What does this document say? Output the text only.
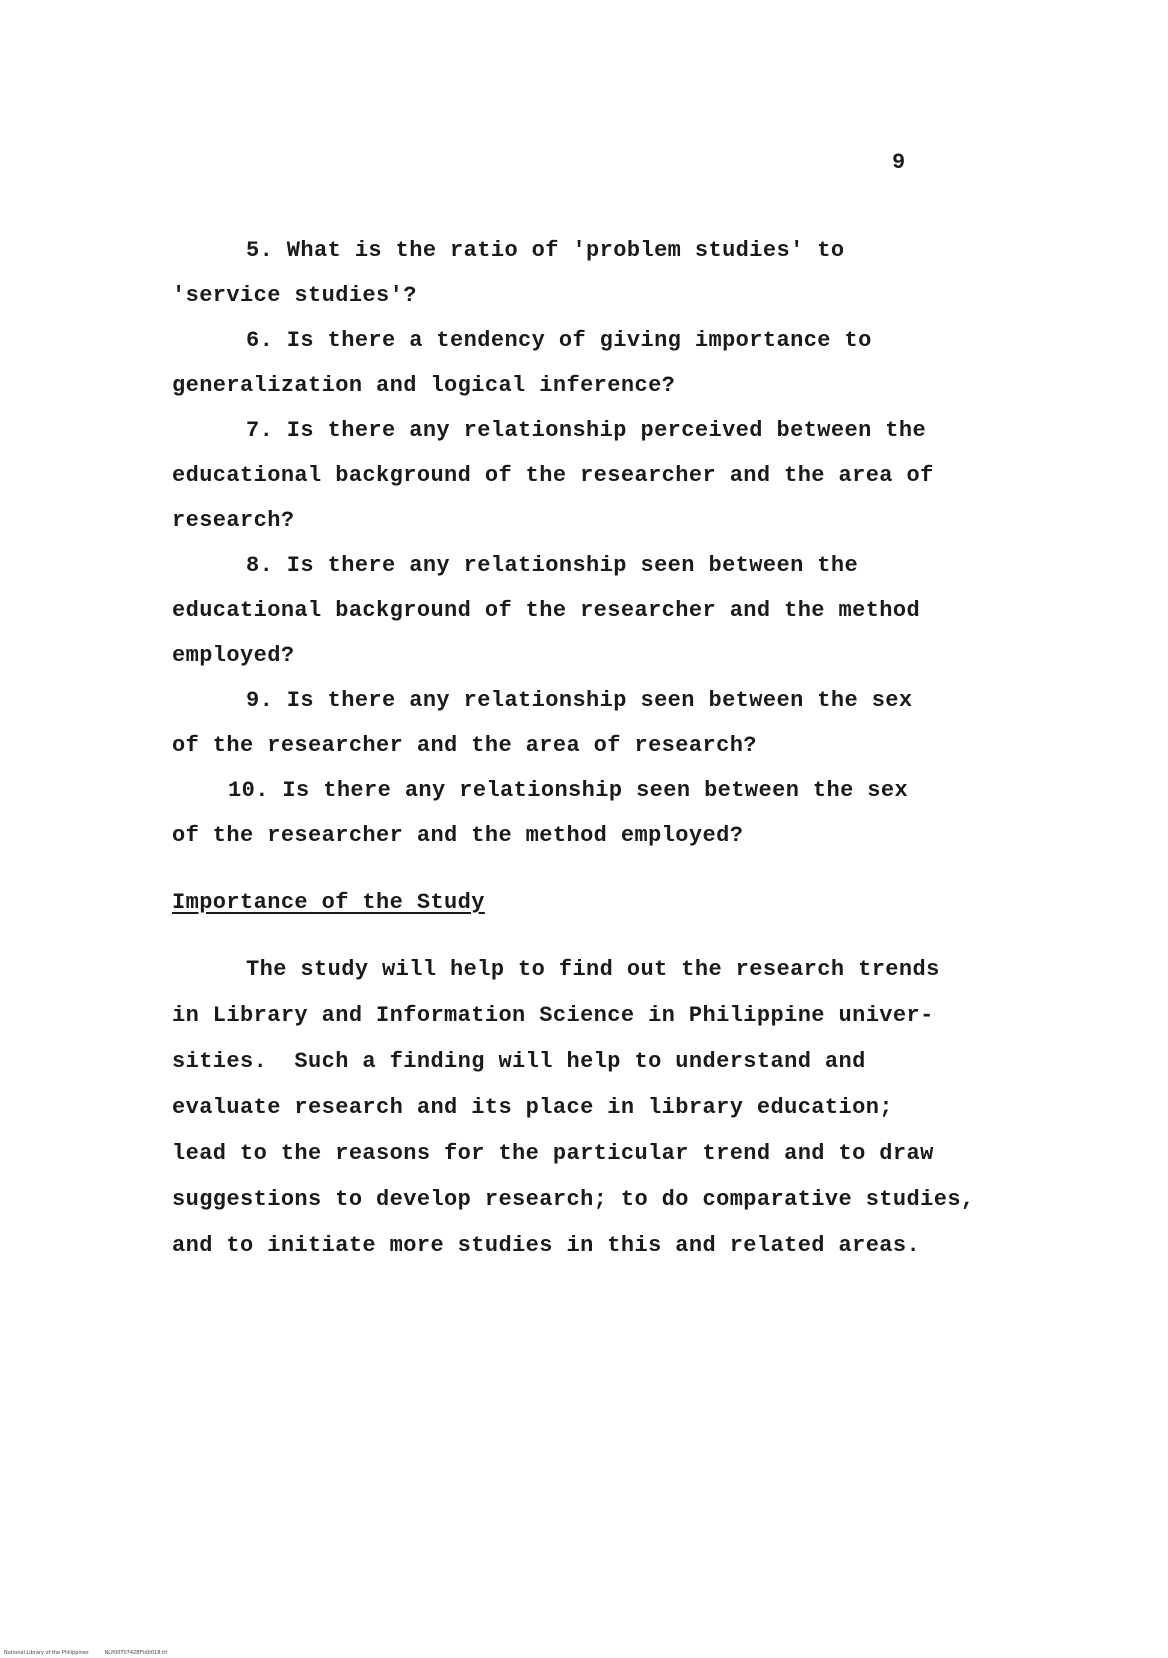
9
5. What is the ratio of 'problem studies' to
'service studies'?
6. Is there a tendency of giving importance to
generalization and logical inference?
7. Is there any relationship perceived between the
educational background of the researcher and the area of
research?
8. Is there any relationship seen between the
educational background of the researcher and the method
employed?
9. Is there any relationship seen between the sex
of the researcher and the area of research?
10. Is there any relationship seen between the sex
of the researcher and the method employed?
Importance of the Study
The study will help to find out the research trends
in Library and Information Science in Philippine univer-
sities.  Such a finding will help to understand and
evaluate research and its place in library education;
lead to the reasons for the particular trend and to draw
suggestions to develop research; to do comparative studies,
and to initiate more studies in this and related areas.
National Library of the Philippines	NLP00T0742BFtd0018.tif
